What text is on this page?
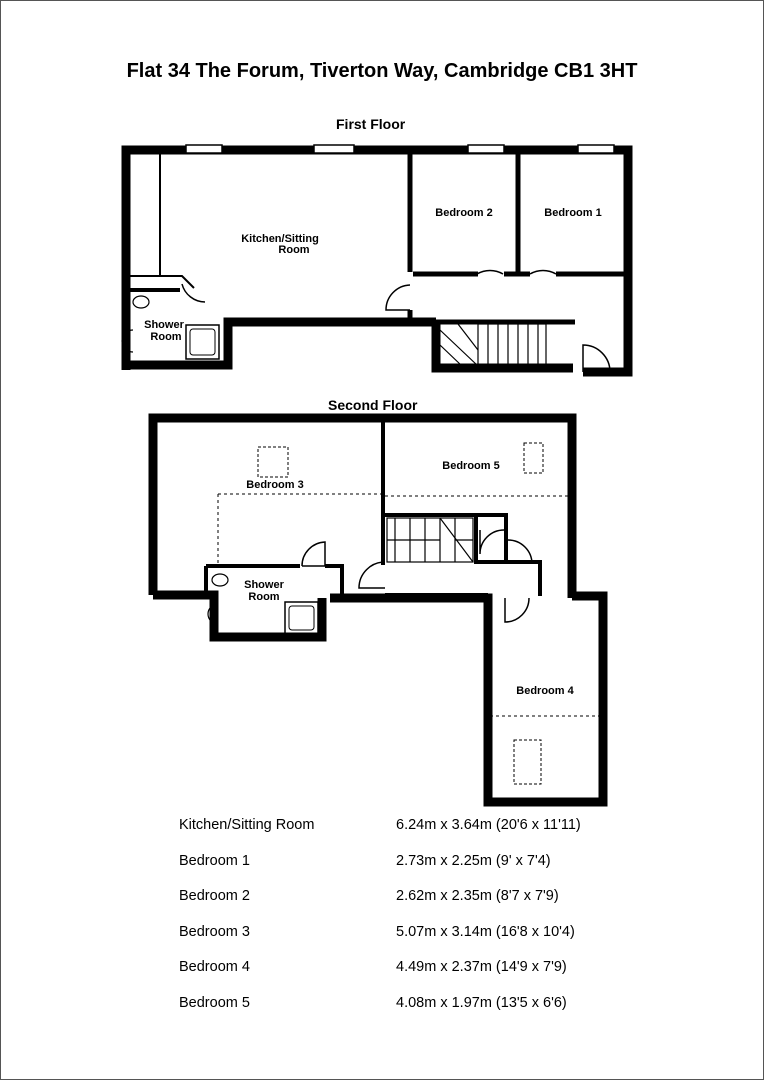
Flat 34 The Forum, Tiverton Way, Cambridge CB1 3HT
First Floor
Second Floor
Kitchen/Sitting
Room
Bedroom 2	Bedroom 1
Shower
Room
Bedroom 3
Bedroom 5
Shower
Room
Bedroom 4
Kitchen/Sitting Room	6.24m x 3.64m (20'6 x 11'11)
Bedroom 1	2.73m x 2.25m (9' x 7'4)
Bedroom 2	2.62m x 2.35m (8'7 x 7'9)
Bedroom 3	5.07m x 3.14m (16'8 x 10'4)
Bedroom 4	4.49m x 2.37m (14'9 x 7'9)
Bedroom 5	4.08m x 1.97m (13'5 x 6'6)
